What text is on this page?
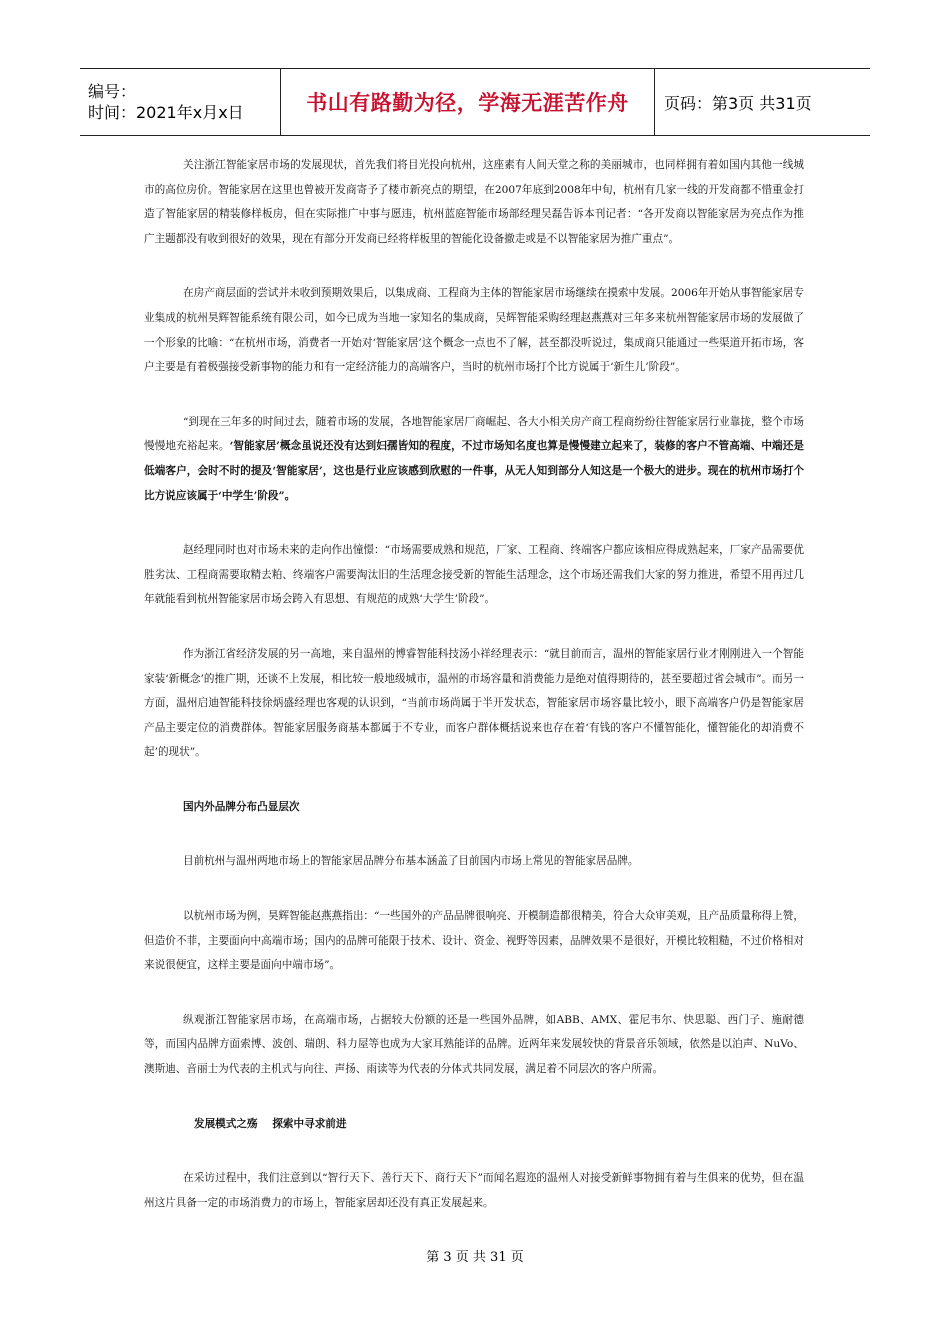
编号：
时间：2021年x月x日	书山有路勤为径，学海无涯苦作舟 页码：第3页 共31页

关注浙江智能家居市场的发展现状，首先我们将目光投向杭州，这座素有人间天堂之称的美丽城市，也同样拥有着如国内其他一线城市的高位房价。智能家居在这里也曾被开发商寄予了楼市新亮点的期望，在2007年底到2008年中旬，杭州有几家一线的开发商都不惜重金打造了智能家居的精装修样板房，但在实际推广中事与愿违，杭州蓝庭智能市场部经理吴磊告诉本刊记者：“各开发商以智能家居为亮点作为推广主题都没有收到很好的效果，现在有部分开发商已经将样板里的智能化设备撤走或是不以智能家居为推广重点”。

在房产商层面的尝试并未收到预期效果后，以集成商、工程商为主体的智能家居市场继续在摸索中发展。2006年开始从事智能家居专业集成的杭州昊辉智能系统有限公司，如今已成为当地一家知名的集成商，吴辉智能采购经理赵燕燕对三年多来杭州智能家居市场的发展做了一个形象的比喻：“在杭州市场，消费者一开始对‘智能家居’这个概念一点也不了解，甚至都没听说过，集成商只能通过一些渠道开拓市场，客户主要是有着极强接受新事物的能力和有一定经济能力的高端客户，当时的杭州市场打个比方说属于‘新生儿’阶段”。

“到现在三年多的时间过去，随着市场的发展，各地智能家居厂商崛起、各大小相关房产商工程商纷纷往智能家居行业靠拢，整个市场慢慢地充裕起来。‘智能家居’概念虽说还没有达到妇孺皆知的程度，不过市场知名度也算是慢慢建立起来了，装修的客户不管高端、中端还是低端客户，会时不时的提及‘智能家居’，这也是行业应该感到欣慰的一件事，从无人知到部分人知这是一个极大的进步。现在的杭州市场打个比方说应该属于‘中学生’阶段”。

赵经理同时也对市场未来的走向作出憧憬：“市场需要成熟和规范，厂家、工程商、终端客户都应该相应得成熟起来，厂家产品需要优胜劣汰、工程商需要取精去粕、终端客户需要淘汰旧的生活理念接受新的智能生活理念，这个市场还需我们大家的努力推进，希望不用再过几年就能看到杭州智能家居市场会跨入有思想、有规范的成熟‘大学生’阶段”。

作为浙江省经济发展的另一高地，来自温州的博睿智能科技汤小祥经理表示：“就目前而言，温州的智能家居行业才刚刚进入一个智能家装‘新概念’的推广期，还谈不上发展，相比较一般地级城市，温州的市场容量和消费能力是绝对值得期待的，甚至要超过省会城市”。而另一方面，温州启迪智能科技徐炳盛经理也客观的认识到，“当前市场尚属于半开发状态，智能家居市场容量比较小，眼下高端客户仍是智能家居产品主要定位的消费群体。智能家居服务商基本都属于不专业，而客户群体概括说来也存在着‘有钱的客户不懂智能化，懂智能化的却消费不起’的现状”。

国内外品牌分布凸显层次

目前杭州与温州两地市场上的智能家居品牌分布基本涵盖了目前国内市场上常见的智能家居品牌。

以杭州市场为例，昊辉智能赵燕燕指出：“一些国外的产品品牌很响亮、开模制造都很精美，符合大众审美观，且产品质量称得上赞，但造价不菲，主要面向中高端市场；国内的品牌可能限于技术、设计、资金、视野等因素，品牌效果不是很好，开模比较粗糙，不过价格相对来说很便宜，这样主要是面向中端市场”。

纵观浙江智能家居市场，在高端市场，占据较大份额的还是一些国外品牌，如ABB、AMX、霍尼韦尔、快思聪、西门子、施耐德等，而国内品牌方面索博、波创、瑞朗、科力屋等也成为大家耳熟能详的品牌。近两年来发展较快的背景音乐领域，依然是以泊声、NuVo、澳斯迪、音丽士为代表的主机式与向往、声扬、雨读等为代表的分体式共同发展，满足着不同层次的客户所需。

发展模式之殇    探索中寻求前进

在采访过程中，我们注意到以“智行天下、善行天下、商行天下”而闻名遐迩的温州人对接受新鲜事物拥有着与生俱来的优势，但在温州这片具备一定的市场消费力的市场上，智能家居却还没有真正发展起来。

第 3 页 共 31 页
